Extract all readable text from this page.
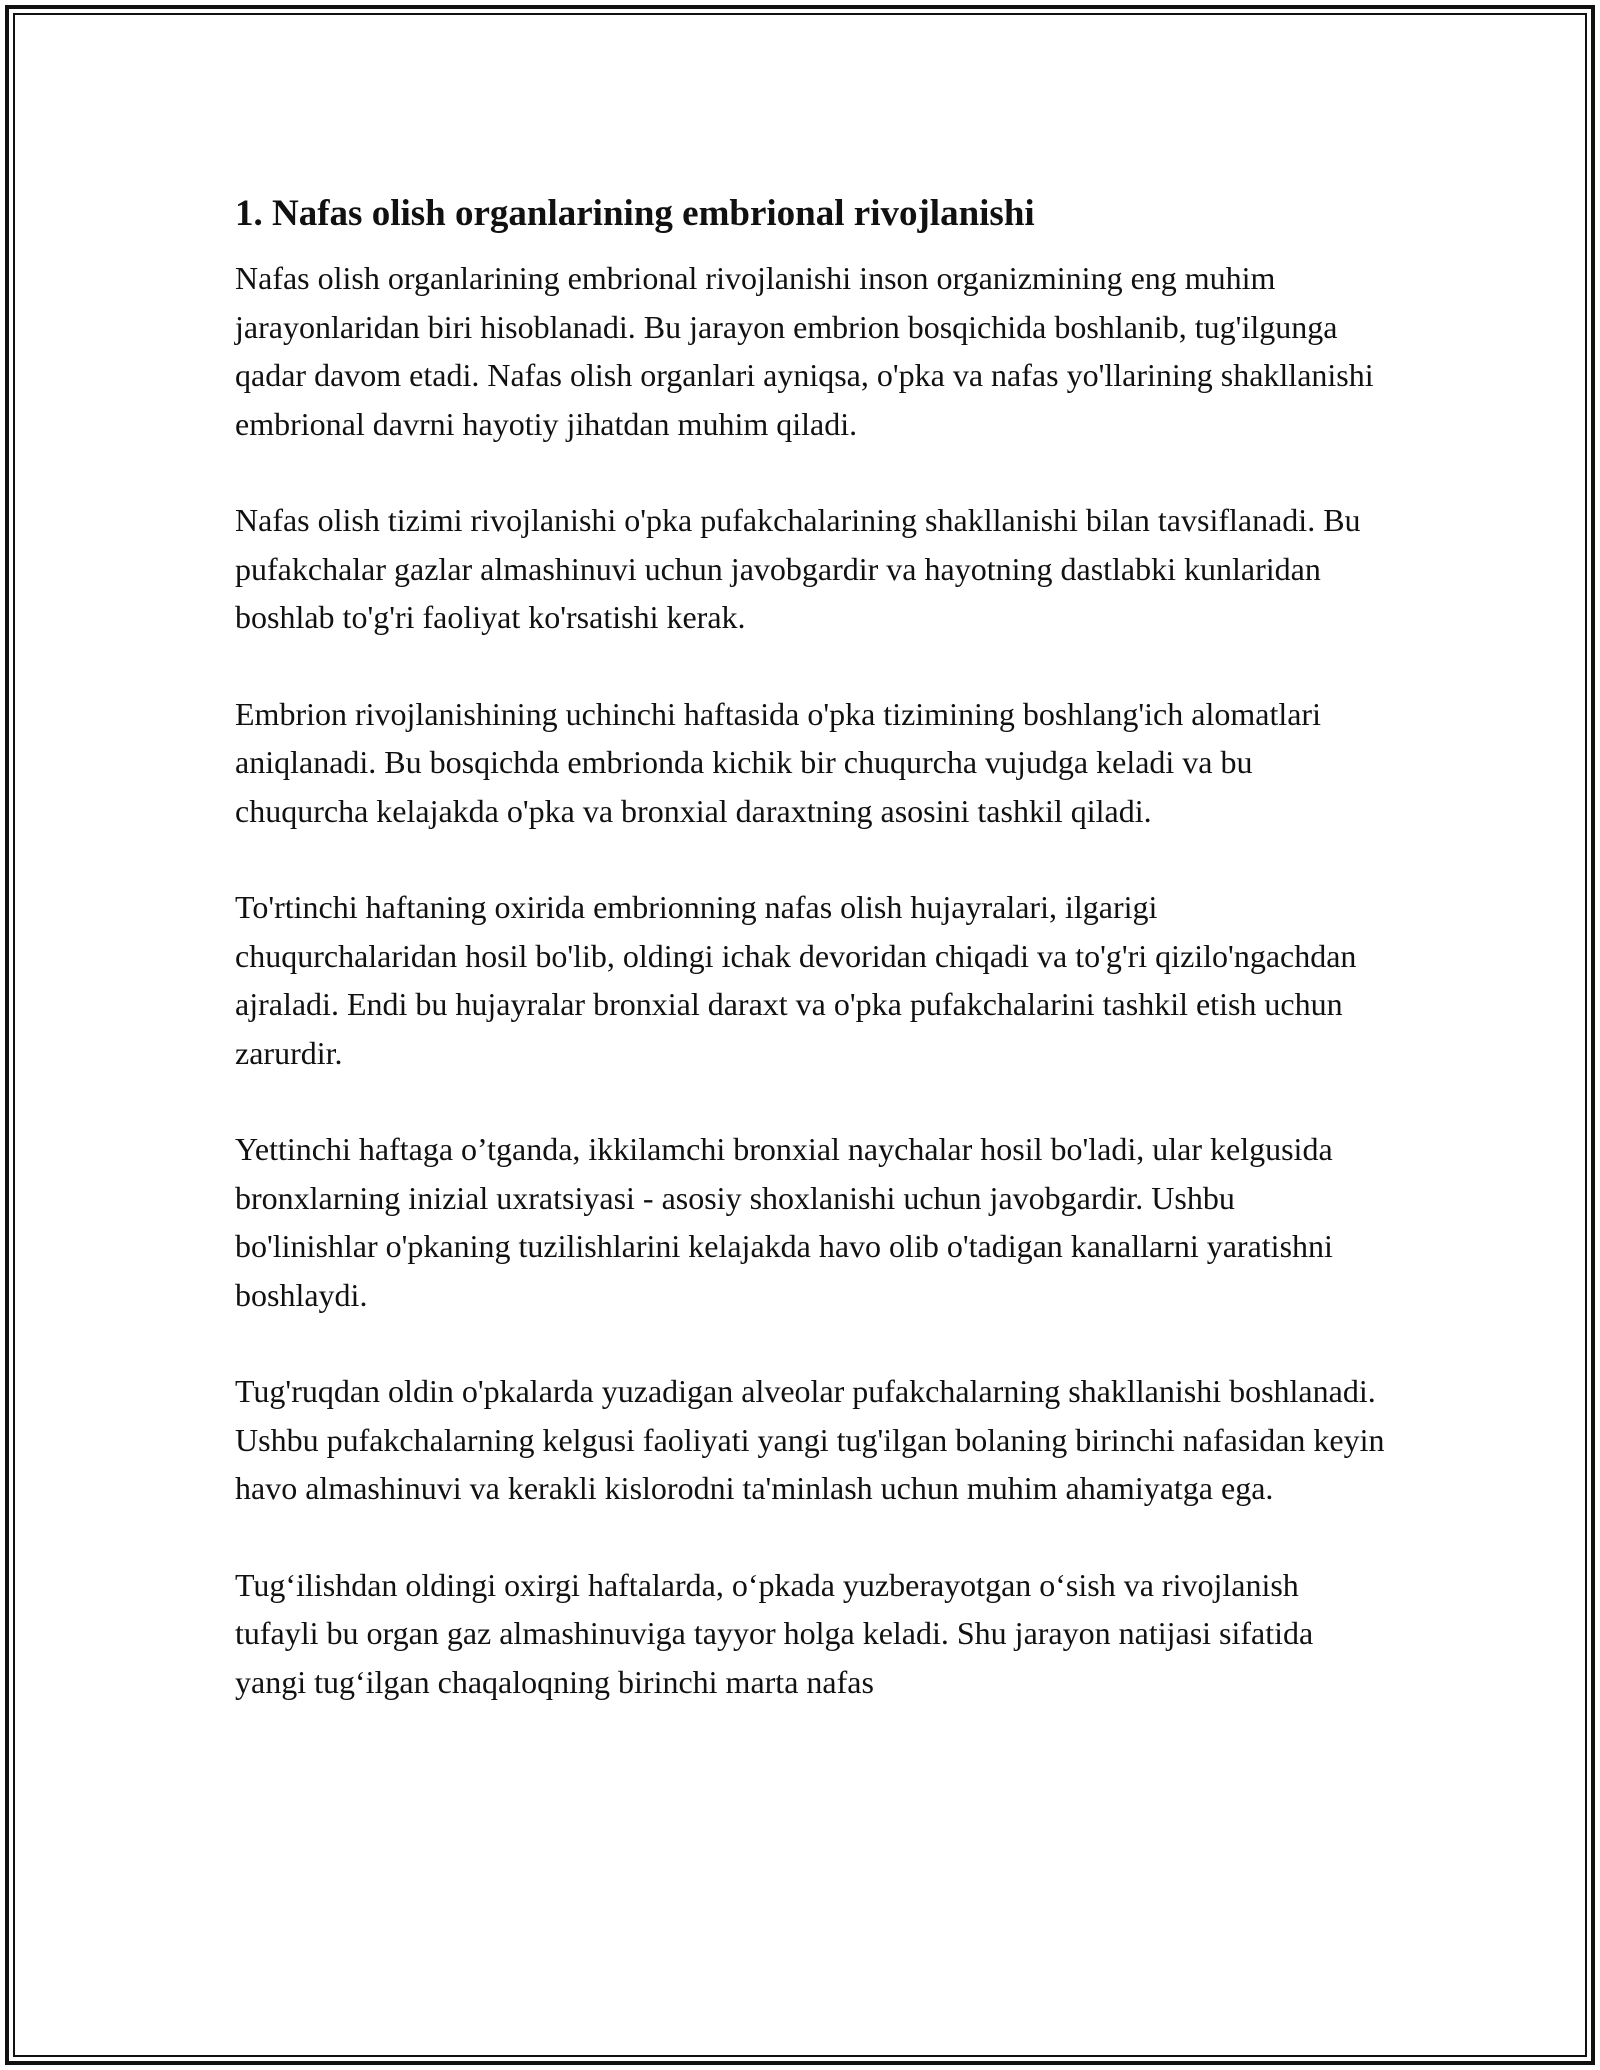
1. Nafas olish organlarining embrional rivojlanishi

Nafas olish organlarining embrional rivojlanishi inson organizmining eng muhim jarayonlaridan biri hisoblanadi. Bu jarayon embrion bosqichida boshlanib, tug'ilgunga qadar davom etadi. Nafas olish organlari ayniqsa, o'pka va nafas yo'llarining shakllanishi embrional davrni hayotiy jihatdan muhim qiladi.

Nafas olish tizimi rivojlanishi o'pka pufakchalarining shakllanishi bilan tavsiflanadi. Bu pufakchalar gazlar almashinuvi uchun javobgardir va hayotning dastlabki kunlaridan boshlab to'g'ri faoliyat ko'rsatishi kerak.

Embrion rivojlanishining uchinchi haftasida o'pka tizimining boshlang'ich alomatlari aniqlanadi. Bu bosqichda embrionda kichik bir chuqurcha vujudga keladi va bu chuqurcha kelajakda o'pka va bronxial daraxtning asosini tashkil qiladi.

To'rtinchi haftaning oxirida embrionning nafas olish hujayralari, ilgarigi chuqurchalaridan hosil bo'lib, oldingi ichak devoridan chiqadi va to'g'ri qizilo'ngachdan ajraladi. Endi bu hujayralar bronxial daraxt va o'pka pufakchalarini tashkil etish uchun zarurdir.

Yettinchi haftaga o’tganda, ikkilamchi bronxial naychalar hosil bo'ladi, ular kelgusida bronxlarning inizial uxratsiyasi - asosiy shoxlanishi uchun javobgardir. Ushbu bo'linishlar o'pkaning tuzilishlarini kelajakda havo olib o'tadigan kanallarni yaratishni boshlaydi.

Tug'ruqdan oldin o'pkalarda yuzadigan alveolar pufakchalarning shakllanishi boshlanadi. Ushbu pufakchalarning kelgusi faoliyati yangi tug'ilgan bolaning birinchi nafasidan keyin havo almashinuvi va kerakli kislorodni ta'minlash uchun muhim ahamiyatga ega.

Tug‘ilishdan oldingi oxirgi haftalarda, o‘pkada yuzberayotgan o‘sish va rivojlanish tufayli bu organ gaz almashinuviga tayyor holga keladi. Shu jarayon natijasi sifatida yangi tug‘ilgan chaqaloqning birinchi marta nafas
